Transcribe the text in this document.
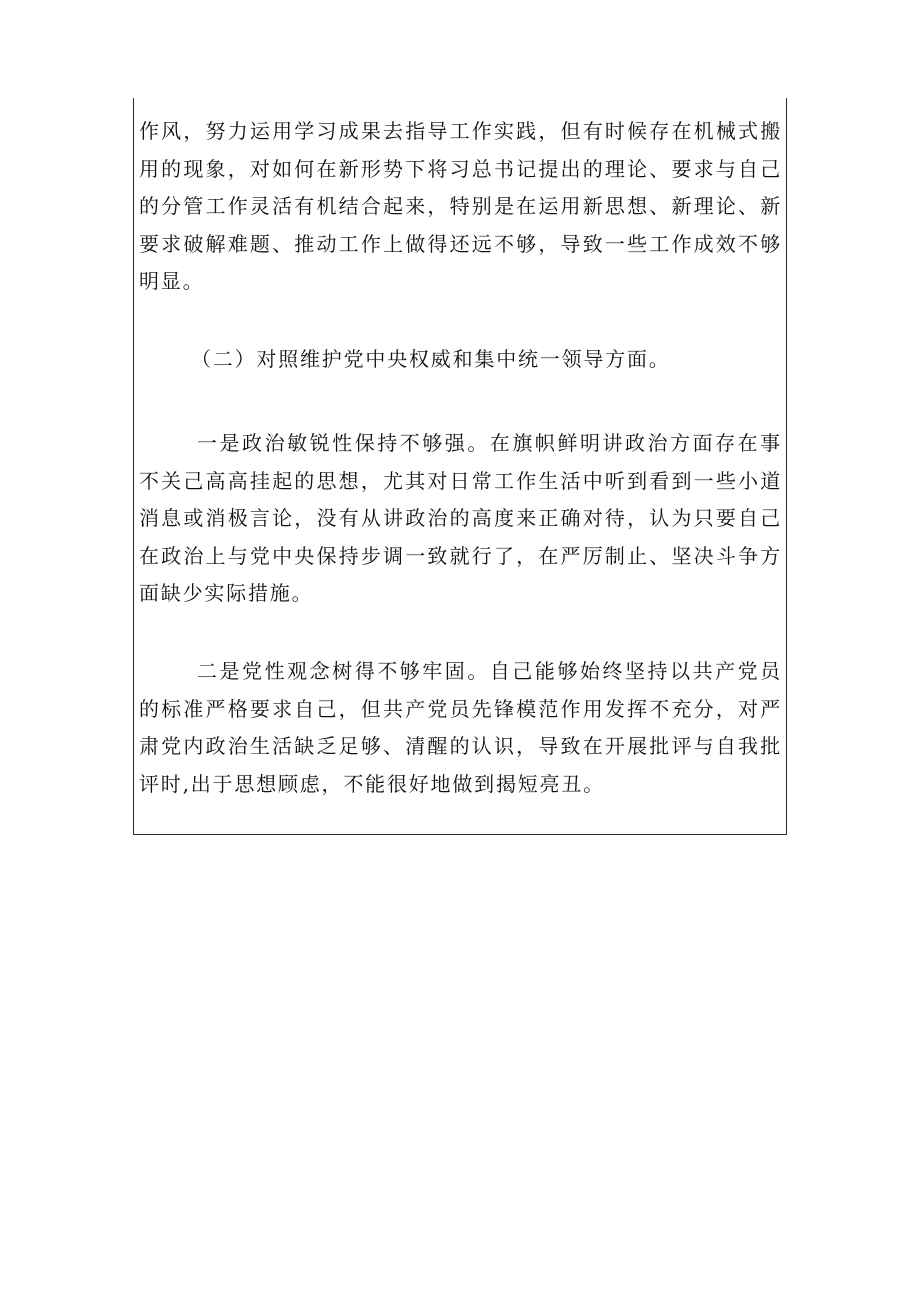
作风，努力运用学习成果去指导工作实践，但有时候存在机械式搬用的现象，对如何在新形势下将习总书记提出的理论、要求与自己的分管工作灵活有机结合起来，特别是在运用新思想、新理论、新要求破解难题、推动工作上做得还远不够，导致一些工作成效不够明显。

（二）对照维护党中央权威和集中统一领导方面。

一是政治敏锐性保持不够强。在旗帜鲜明讲政治方面存在事不关己高高挂起的思想，尤其对日常工作生活中听到看到一些小道消息或消极言论，没有从讲政治的高度来正确对待，认为只要自己在政治上与党中央保持步调一致就行了，在严厉制止、坚决斗争方面缺少实际措施。

二是党性观念树得不够牢固。自己能够始终坚持以共产党员的标准严格要求自己，但共产党员先锋模范作用发挥不充分，对严肃党内政治生活缺乏足够、清醒的认识，导致在开展批评与自我批评时,出于思想顾虑，不能很好地做到揭短亮丑。
